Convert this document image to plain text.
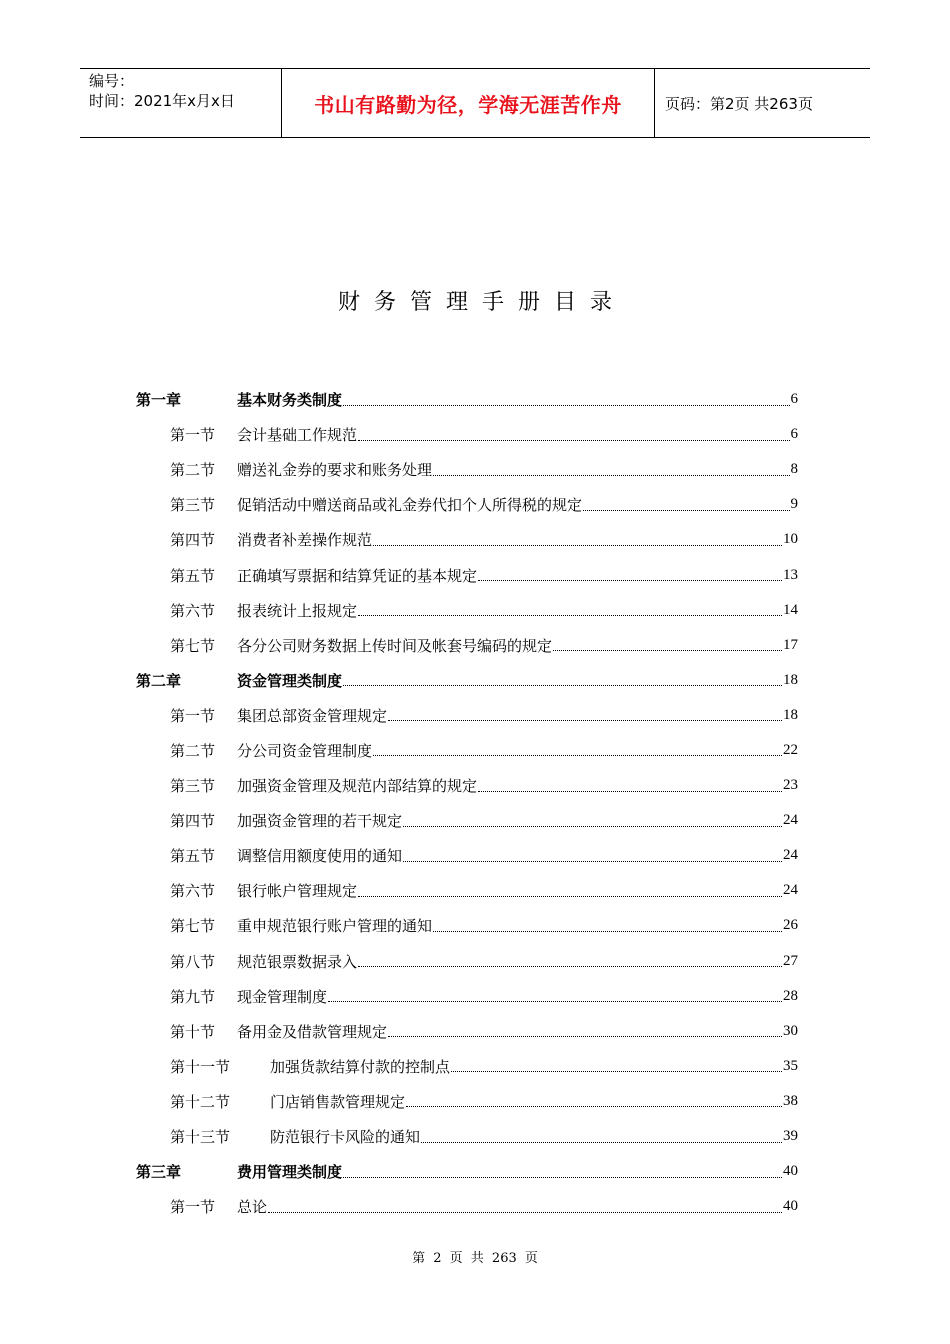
编号：
时间：2021年x月x日	书山有路勤为径，学海无涯苦作舟	页码：第2页 共263页
财务管理手册目录
第一章	基本财务类制度	6
第一节	会计基础工作规范	6
第二节	赠送礼金券的要求和账务处理	8
第三节	促销活动中赠送商品或礼金券代扣个人所得税的规定	9
第四节	消费者补差操作规范	10
第五节	正确填写票据和结算凭证的基本规定	13
第六节	报表统计上报规定	14
第七节	各分公司财务数据上传时间及帐套号编码的规定	17
第二章	资金管理类制度	18
第一节	集团总部资金管理规定	18
第二节	分公司资金管理制度	22
第三节	加强资金管理及规范内部结算的规定	23
第四节	加强资金管理的若干规定	24
第五节	调整信用额度使用的通知	24
第六节	银行帐户管理规定	24
第七节	重申规范银行账户管理的通知	26
第八节	规范银票数据录入	27
第九节	现金管理制度	28
第十节	备用金及借款管理规定	30
第十一节	加强货款结算付款的控制点	35
第十二节	门店销售款管理规定	38
第十三节	防范银行卡风险的通知	39
第三章	费用管理类制度	40
第一节	总论	40
第 2 页 共 263 页
